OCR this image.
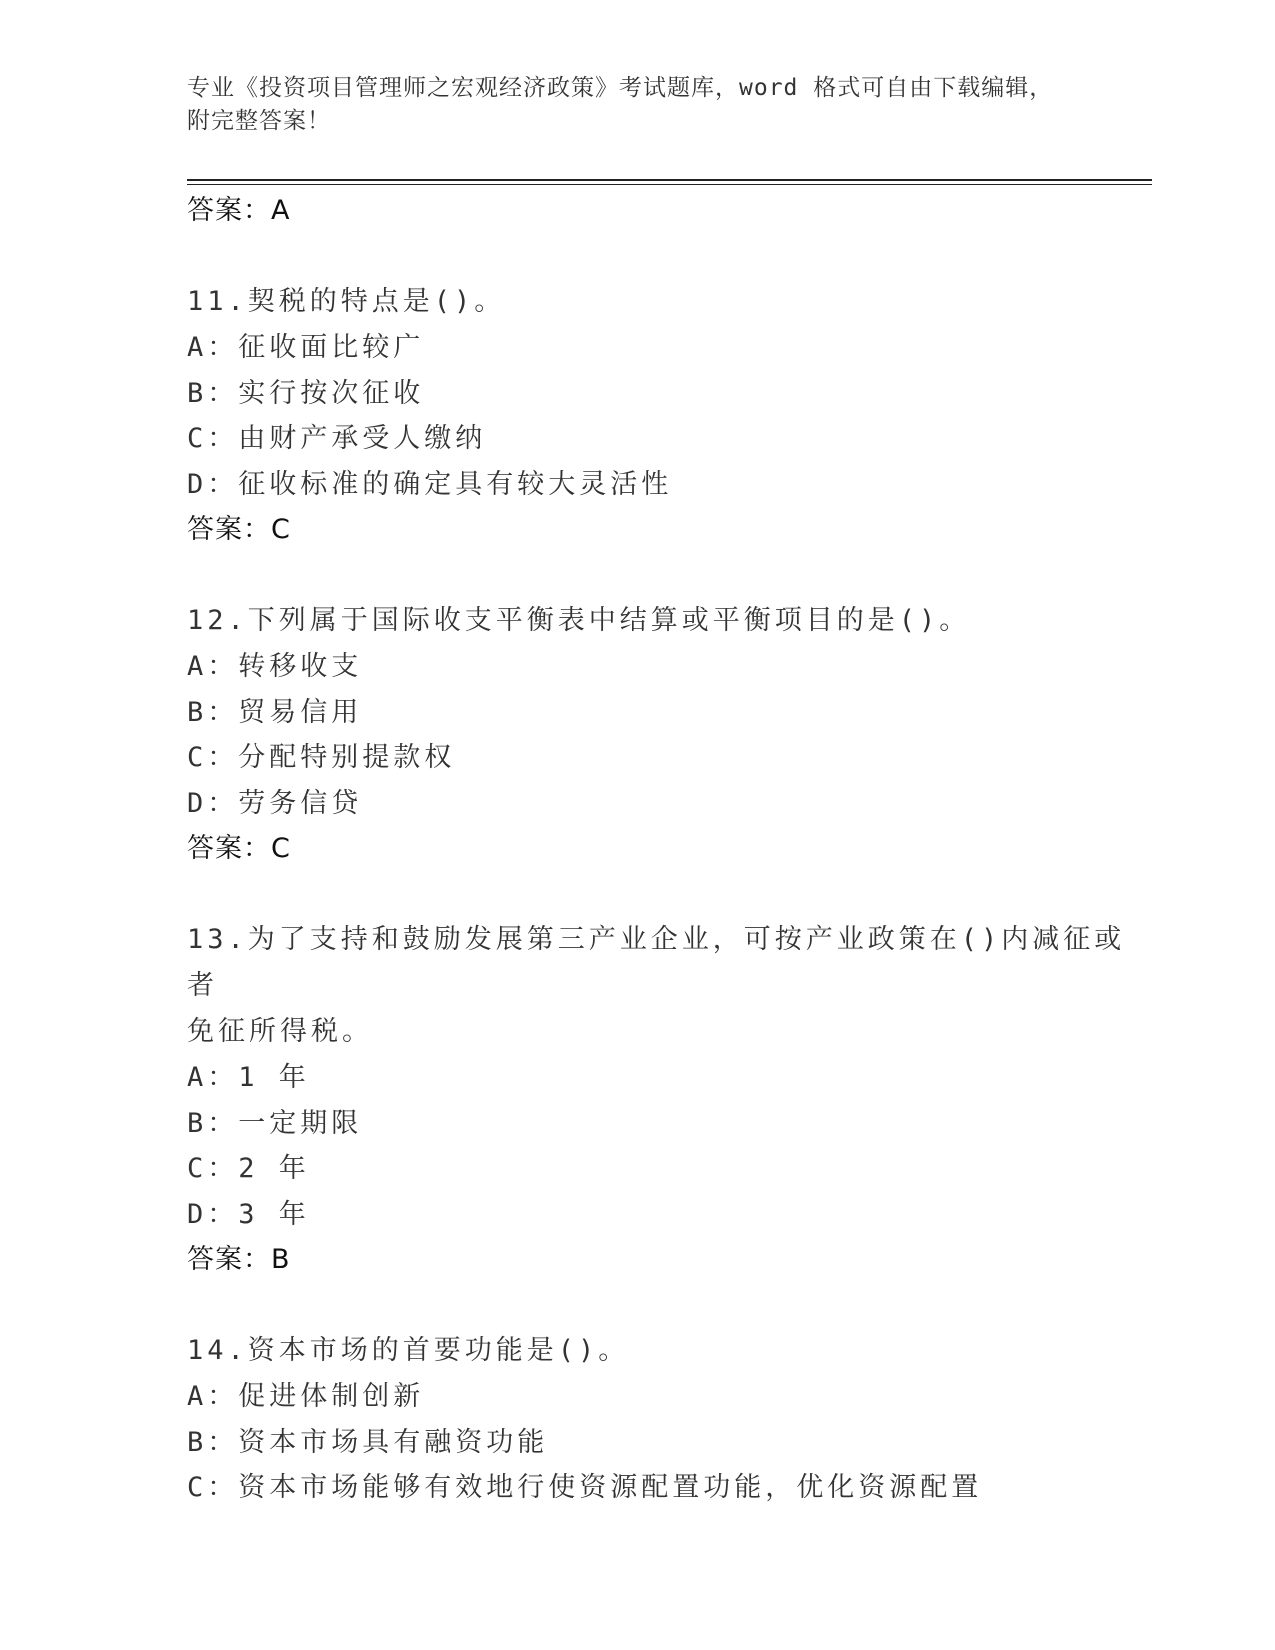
专业《投资项目管理师之宏观经济政策》考试题库，word 格式可自由下载编辑，
附完整答案！

答案：A

11.契税的特点是()。

A：征收面比较广

B：实行按次征收

C：由财产承受人缴纳

D：征收标准的确定具有较大灵活性

答案：C

12.下列属于国际收支平衡表中结算或平衡项目的是()。

A：转移收支

B：贸易信用

C：分配特别提款权

D：劳务信贷

答案：C

13.为了支持和鼓励发展第三产业企业，可按产业政策在()内减征或者

免征所得税。

A：1 年

B：一定期限

C：2 年

D：3 年

答案：B

14.资本市场的首要功能是()。

A：促进体制创新

B：资本市场具有融资功能

C：资本市场能够有效地行使资源配置功能，优化资源配置
